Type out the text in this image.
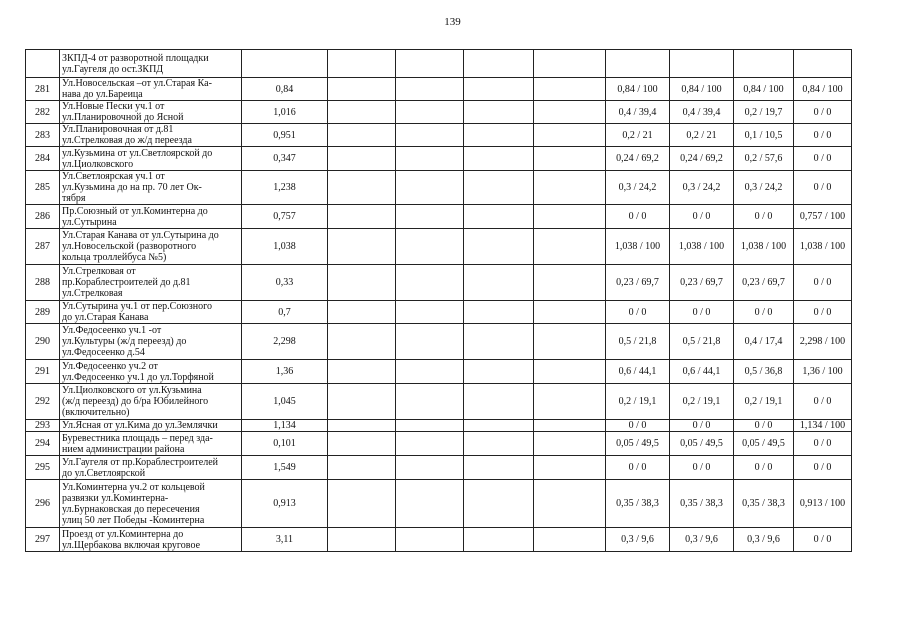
139
	ЗКПД-4 от разворотной площадки
ул.Гаугеля до ост.ЗКПД									
281	Ул.Новосельская –от ул.Старая Ка-
нава до ул.Бареица	0,84					0,84 / 100	0,84 / 100	0,84 / 100	0,84 / 100
282	Ул.Новые Пески уч.1 от
ул.Планировочной до Ясной	1,016					0,4 / 39,4	0,4 / 39,4	0,2 / 19,7	0 / 0
283	Ул.Планировочная от д.81
ул.Стрелковая до ж/д переезда	0,951					0,2 / 21	0,2 / 21	0,1 / 10,5	0 / 0
284	ул.Кузьмина от ул.Светлоярской до
ул.Циолковского	0,347					0,24 / 69,2	0,24 / 69,2	0,2 / 57,6	0 / 0
285	Ул.Светлоярская уч.1 от
ул.Кузьмина до на пр. 70 лет Ок-
тября	1,238					0,3 / 24,2	0,3 / 24,2	0,3 / 24,2	0 / 0
286	Пр.Союзный от ул.Коминтерна до
ул.Сутырина	0,757					0 / 0	0 / 0	0 / 0	0,757 / 100
287	Ул.Старая Канава от ул.Сутырина до
ул.Новосельской (разворотного
кольца троллейбуса №5)	1,038					1,038 / 100	1,038 / 100	1,038 / 100	1,038 / 100
288	Ул.Стрелковая от
пр.Кораблестроителей до д.81
ул.Стрелковая	0,33					0,23 / 69,7	0,23 / 69,7	0,23 / 69,7	0 / 0
289	Ул.Сутырина уч.1 от пер.Союзного
до ул.Старая Канава	0,7					0 / 0	0 / 0	0 / 0	0 / 0
290	Ул.Федосеенко уч.1 -от
ул.Культуры (ж/д переезд) до
ул.Федосеенко д.54	2,298					0,5 / 21,8	0,5 / 21,8	0,4 / 17,4	2,298 / 100
291	Ул.Федосеенко уч.2 от
ул.Федосеенко уч.1 до ул.Торфяной	1,36					0,6 / 44,1	0,6 / 44,1	0,5 / 36,8	1,36 / 100
292	Ул.Циолковского от ул.Кузьмина
(ж/д переезд) до б/ра Юбилейного
(включительно)	1,045					0,2 / 19,1	0,2 / 19,1	0,2 / 19,1	0 / 0
293	Ул.Ясная от ул.Кима до ул.Землячки	1,134					0 / 0	0 / 0	0 / 0	1,134 / 100
294	Буревестника площадь – перед зда-
нием администрации района	0,101					0,05 / 49,5	0,05 / 49,5	0,05 / 49,5	0 / 0
295	Ул.Гаугеля от пр.Кораблестроителей
до ул.Светлоярской	1,549					0 / 0	0 / 0	0 / 0	0 / 0
296	Ул.Коминтерна уч.2 от кольцевой
развязки ул.Коминтерна-
ул.Бурнаковская до пересечения
улиц 50 лет Победы -Коминтерна	0,913					0,35 / 38,3	0,35 / 38,3	0,35 / 38,3	0,913 / 100
297	Проезд от ул.Коминтерна до
ул.Щербакова включая круговое	3,11					0,3 / 9,6	0,3 / 9,6	0,3 / 9,6	0 / 0
